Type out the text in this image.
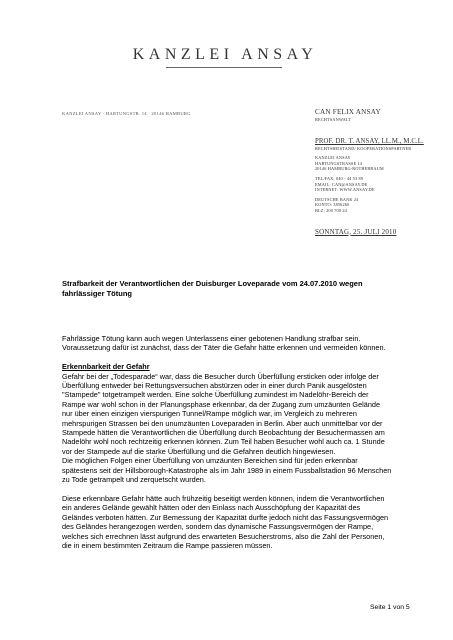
KANZLEI ANSAY
KANZLEI ANSAY · HARTUNGSTR. 14 · 20146 HAMBURG	CAN FELIX ANSAY
RECHTSANWALT
PROF. DR. T. ANSAY, LL.M., M.C.L.
RECHTSBEISTAND/ KOOPERATIONSPARTNER
KANZLEI ANSAY
HARTUNGSTRASSE 14
20146 HAMBURG-ROTHERBAUM
TEL/FAX: 040 - 44 53 89
EMAIL: CAN@ANSAY.DE
INTERNET: WWW.ANSAY.DE
DEUTSCHE BANK 24
KONTO: 3856260
BLZ: 200 700 24
SONNTAG, 25. JULI 2010
Strafbarkeit der Verantwortlichen der Duisburger Loveparade vom 24.07.2010 wegen fahrlässiger Tötung

Fahrlässige Tötung kann auch wegen Unterlassens einer gebotenen Handlung strafbar sein. Voraussetzung dafür ist zunächst, dass der Täter die Gefahr hätte erkennen und vermeiden können.

Erkennbarkeit der Gefahr

Gefahr bei der „Todesparade“ war, dass die Besucher durch Überfüllung ersticken oder infolge der Überfüllung entweder bei Rettungsversuchen abstürzen oder in einer durch Panik ausgelösten "Stampede" totgetrampelt werden. Eine solche Überfüllung zumindest im Nadelöhr-Bereich der Rampe war wohl schon in der Planungsphase erkennbar, da der Zugang zum umzäunten Gelände nur über einen einzigen vierspurigen Tunnel/Rampe möglich war, im Vergleich zu mehreren mehrspurigen Strassen bei den unumzäunten Loveparaden in Berlin. Aber auch unmittelbar vor der Stampede hätten die Verantwortlichen die Überfüllung durch Beobachtung der Besuchermassen am Nadelöhr wohl noch rechtzeitig erkennen können. Zum Teil haben Besucher wohl auch ca. 1 Stunde vor der Stampede auf die starke Überfüllung und die Gefahren deutlich hingewiesen.

Die möglichen Folgen einer Überfüllung von umzäunten Bereichen sind für jeden erkennbar spätestens seit der Hillsborough-Katastrophe als im Jahr 1989 in einem Fussballstadion 96 Menschen zu Tode getrampelt und zerquetscht wurden.

Diese erkennbare Gefahr hätte auch frühzeitig beseitigt werden können, indem die Verantwortlichen ein anderes Gelände gewählt hätten oder den Einlass nach Ausschöpfung der Kapazität des Geländes verboten hätten. Zur Bemessung der Kapazität durfte jedoch nicht das Fassungsvermögen des Geländes herangezogen werden, sondern das dynamische Fassungsvermögen der Rampe, welches sich errechnen lässt aufgrund des erwarteten Besucherstroms, also die Zahl der Personen, die in einem bestimmten Zeitraum die Rampe passieren müssen.

Seite 1 von 5
